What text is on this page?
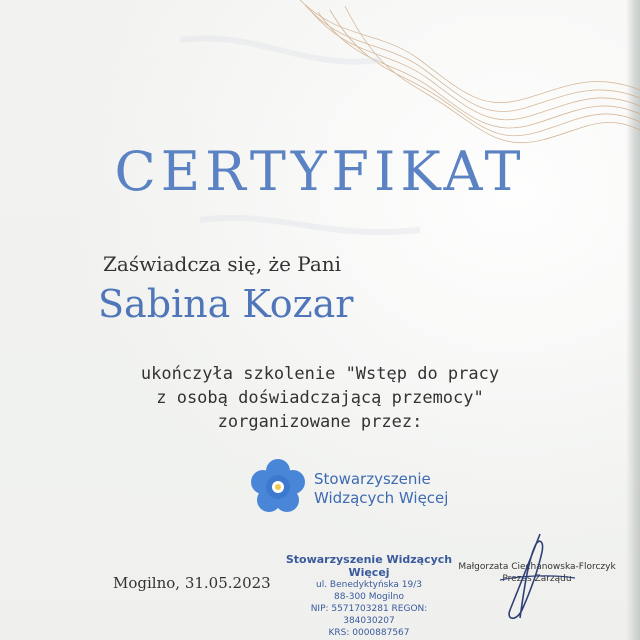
CERTYFIKAT
Zaświadcza się, że Pani
Sabina Kozar
ukończyła szkolenie "Wstęp do pracy
z osobą doświadczającą przemocy"
zorganizowane przez:
Stowarzyszenie
Widzących Więcej
Mogilno, 31.05.2023
Stowarzyszenie Widzących Więcej
ul. Benedyktyńska 19/3
88-300 Mogilno
NIP: 5571703281 REGON: 384030207
KRS: 0000887567
Małgorzata Ciechanowska-Florczyk
Prezes Zarządu
